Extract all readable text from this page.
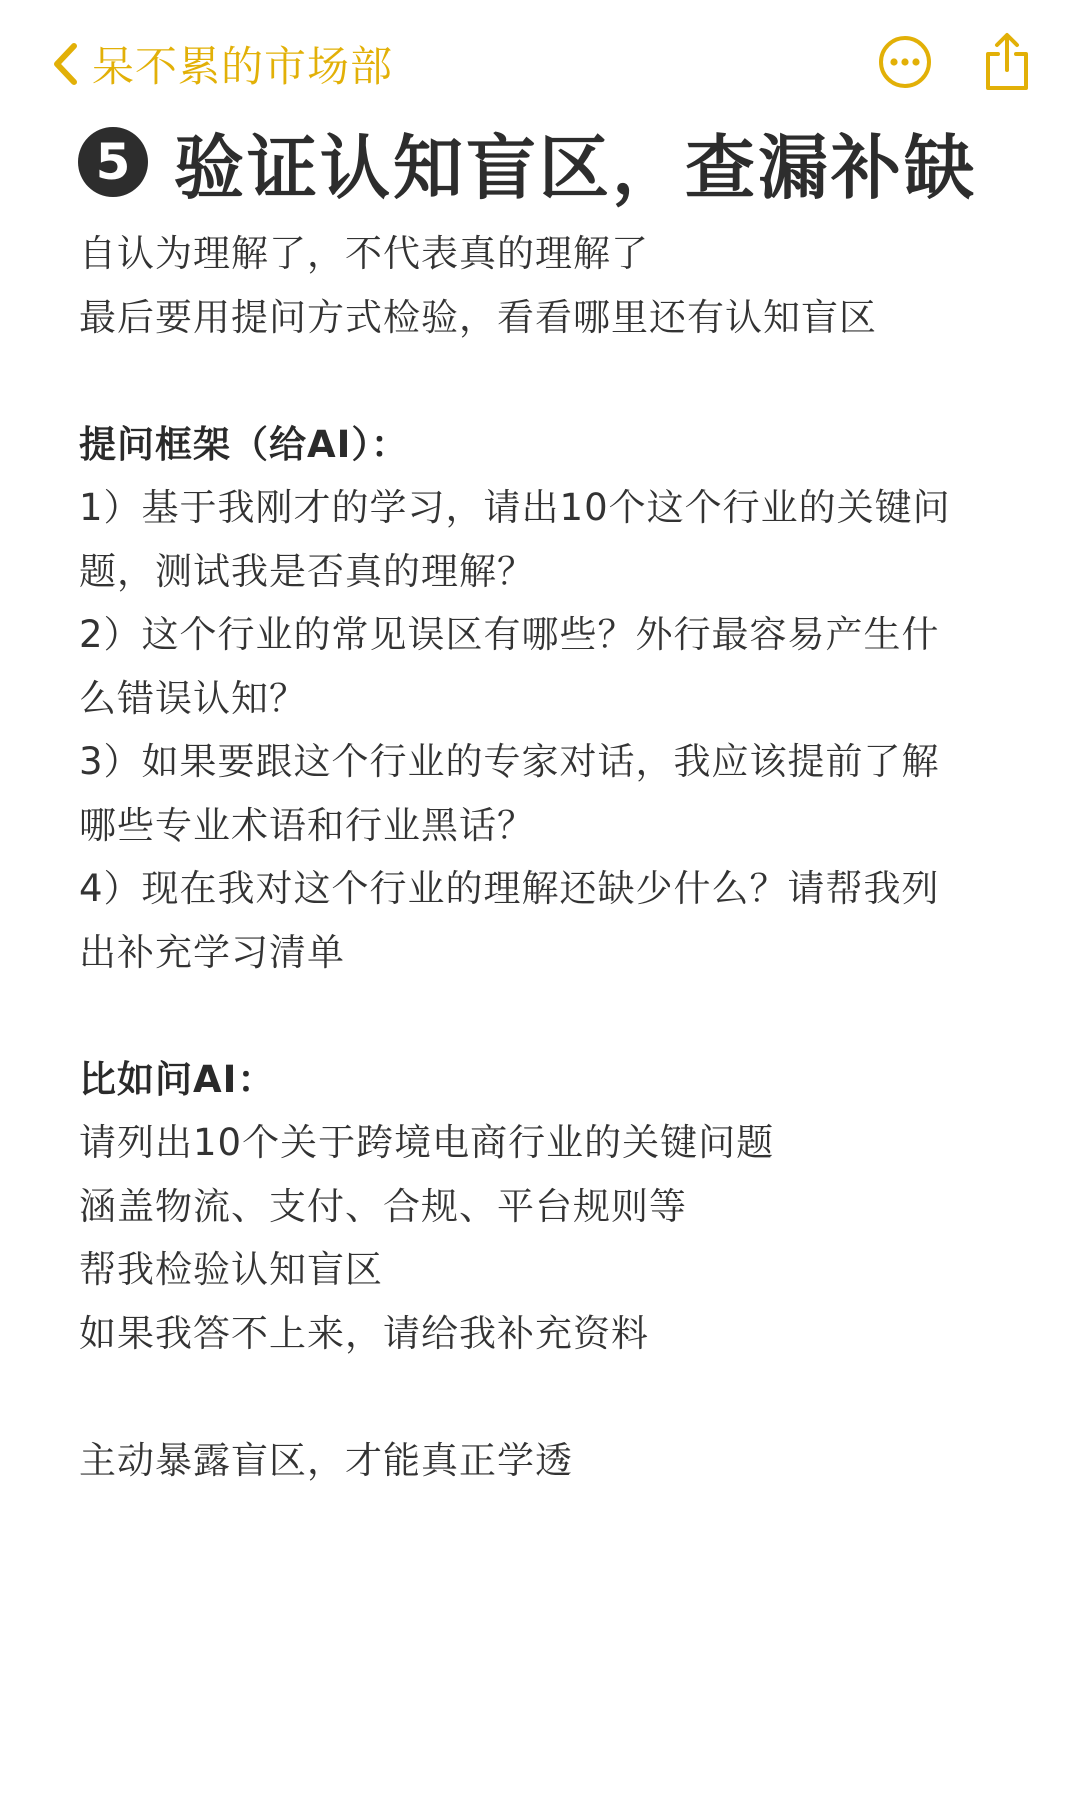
呆不累的市场部
5 验证认知盲区，查漏补缺
自认为理解了，不代表真的理解了
最后要用提问方式检验，看看哪里还有认知盲区
提问框架（给AI）：
1）基于我刚才的学习，请出10个这个行业的关键问
题，测试我是否真的理解？
2）这个行业的常见误区有哪些？外行最容易产生什
么错误认知？
3）如果要跟这个行业的专家对话，我应该提前了解
哪些专业术语和行业黑话？
4）现在我对这个行业的理解还缺少什么？请帮我列
出补充学习清单
比如问AI：
请列出10个关于跨境电商行业的关键问题
涵盖物流、支付、合规、平台规则等
帮我检验认知盲区
如果我答不上来，请给我补充资料
主动暴露盲区，才能真正学透
